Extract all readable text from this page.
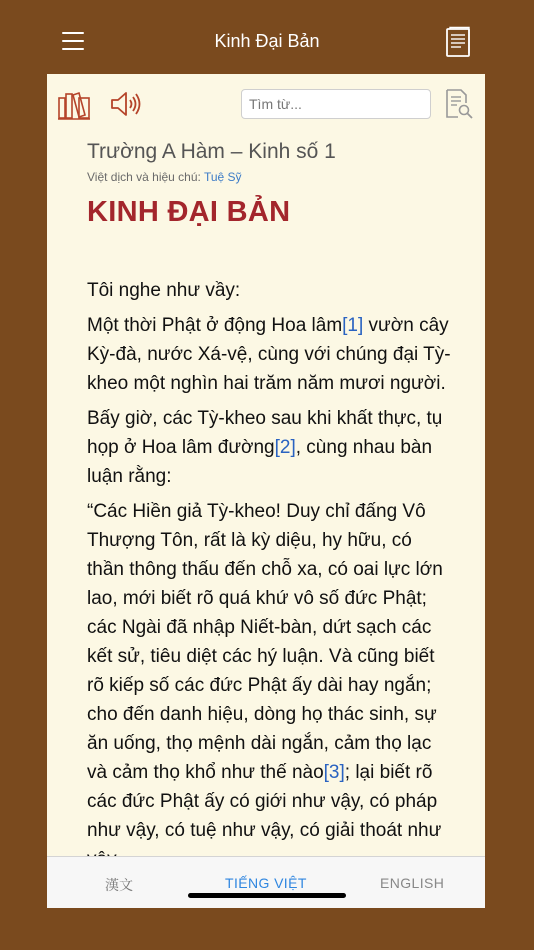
Kinh Đại Bản
Tìm từ...
Trường A Hàm – Kinh số 1
Việt dịch và hiệu chú: Tuệ Sỹ
KINH ĐẠI BẢN

Tôi nghe như vầy:

Một thời Phật ở động Hoa lâm[1] vườn cây Kỳ-đà, nước Xá-vệ, cùng với chúng đại Tỳ-kheo một nghìn hai trăm năm mươi người.

Bấy giờ, các Tỳ-kheo sau khi khất thực, tụ họp ở Hoa lâm đường[2], cùng nhau bàn luận rằng:

“Các Hiền giả Tỳ-kheo! Duy chỉ đấng Vô Thượng Tôn, rất là kỳ diệu, hy hữu, có thần thông thấu đến chỗ xa, có oai lực lớn lao, mới biết rõ quá khứ vô số đức Phật; các Ngài đã nhập Niết-bàn, dứt sạch các kết sử, tiêu diệt các hý luận. Và cũng biết rõ kiếp số các đức Phật ấy dài hay ngắn; cho đến danh hiệu, dòng họ thác sinh, sự ăn uống, thọ mệnh dài ngắn, cảm thọ lạc và cảm thọ khổ như thế nào[3]; lại biết rõ các đức Phật ấy có giới như vậy, có pháp như vậy, có tuệ như vậy, có giải thoát như

漢文	TIẾNG VIỆT	ENGLISH
